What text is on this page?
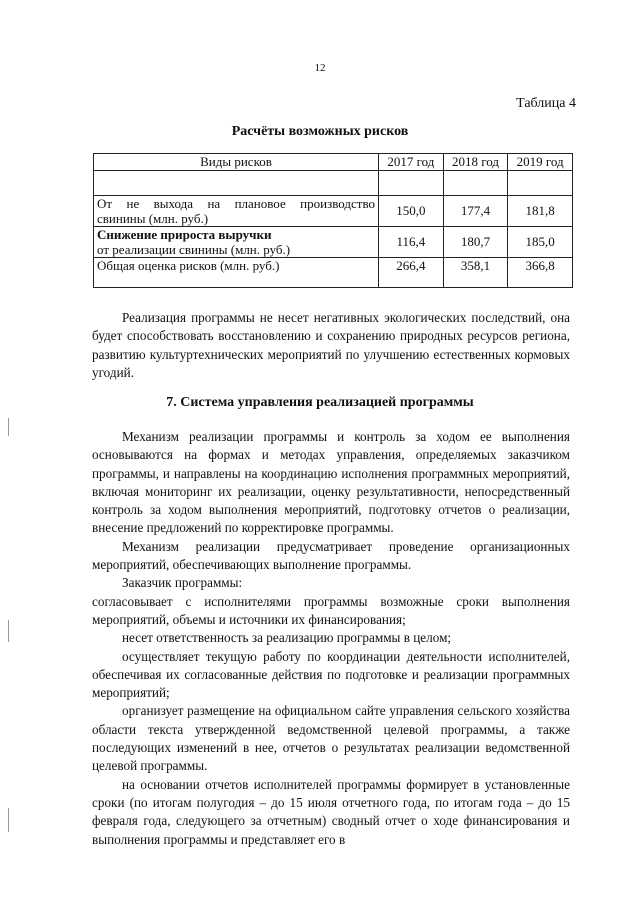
12
Таблица 4
Расчёты возможных рисков
Виды рисков	2017 год	2018 год	2019 год

От не выхода на плановое производство
свинины (млн. руб.)	150,0	177,4	181,8

Снижение прироста выручки
от реализации свинины (млн. руб.)	116,4	180,7	185,0

Общая оценка рисков (млн. руб.)	266,4	358,1	366,8

Реализация программы не несет негативных экологических последствий, она будет способствовать восстановлению и сохранению природных ресурсов региона, развитию культуртехнических мероприятий по улучшению естественных кормовых угодий.

7. Система управления реализацией программы

Механизм реализации программы и контроль за ходом ее выполнения основываются на формах и методах управления, определяемых заказчиком программы, и направлены на координацию исполнения программных мероприятий, включая мониторинг их реализации, оценку результативности, непосредственный контроль за ходом выполнения мероприятий, подготовку отчетов о реализации, внесение предложений по корректировке программы.

Механизм реализации предусматривает проведение организационных мероприятий, обеспечивающих выполнение программы.

Заказчик программы:

согласовывает с исполнителями программы возможные сроки выполнения мероприятий, объемы и источники их финансирования;

несет ответственность за реализацию программы в целом;

осуществляет текущую работу по координации деятельности исполнителей, обеспечивая их согласованные действия по подготовке и реализации программных мероприятий;

организует размещение на официальном сайте управления сельского хозяйства области текста утвержденной ведомственной целевой программы, а также последующих изменений в нее, отчетов о результатах реализации ведомственной целевой программы.

на основании отчетов исполнителей программы формирует в установленные сроки (по итогам полугодия – до 15 июля отчетного года, по итогам года – до 15 февраля года, следующего за отчетным) сводный отчет о ходе финансирования и выполнения программы и представляет его в
